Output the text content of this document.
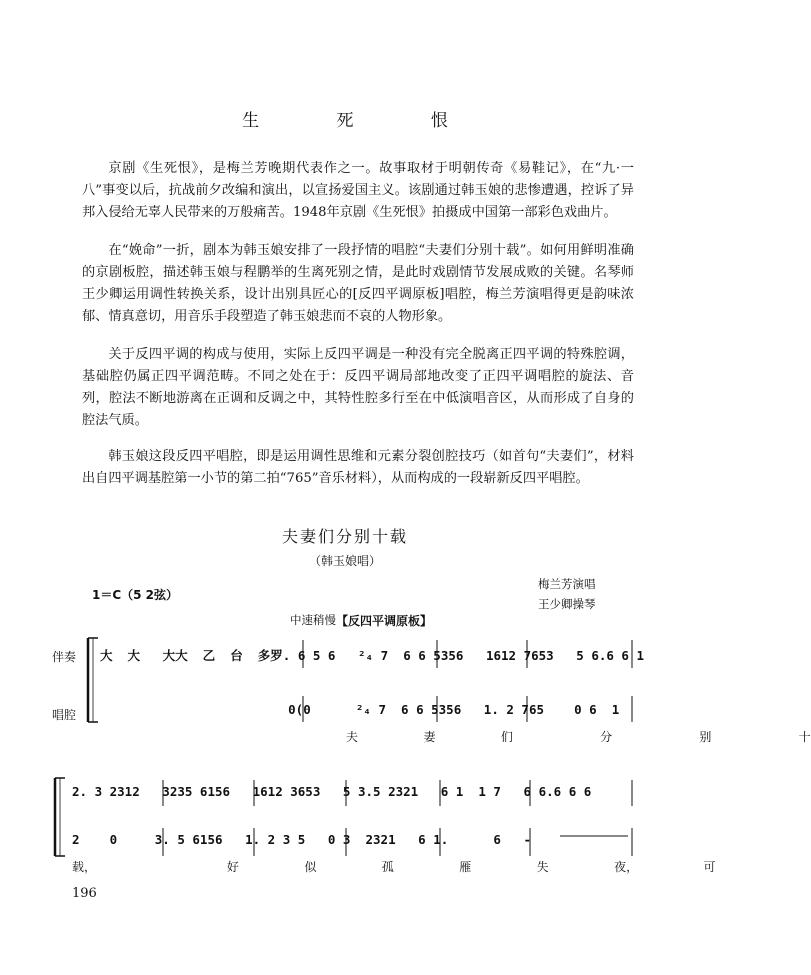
生 死 恨

京剧《生死恨》，是梅兰芳晚期代表作之一。故事取材于明朝传奇《易鞋记》，在“九·一八”事变以后，抗战前夕改编和演出，以宣扬爱国主义。该剧通过韩玉娘的悲惨遭遇，控诉了异邦入侵给无辜人民带来的万般痛苦。1948年京剧《生死恨》拍摄成中国第一部彩色戏曲片。

在“娩命”一折，剧本为韩玉娘安排了一段抒情的唱腔“夫妻们分别十载”。如何用鲜明准确的京剧板腔，描述韩玉娘与程鹏举的生离死别之情，是此时戏剧情节发展成败的关键。名琴师王少卿运用调性转换关系，设计出别具匠心的[反四平调原板]唱腔，梅兰芳演唱得更是韵味浓郁、情真意切，用音乐手段塑造了韩玉娘悲而不哀的人物形象。

关于反四平调的构成与使用，实际上反四平调是一种没有完全脱离正四平调的特殊腔调，基础腔仍属正四平调范畴。不同之处在于：反四平调局部地改变了正四平调唱腔的旋法、音列，腔法不断地游离在正调和反调之中，其特性腔多行至在中低演唱音区，从而形成了自身的腔法气质。

韩玉娘这段反四平唱腔，即是运用调性思维和元素分裂创腔技巧（如首句“夫妻们”，材料出自四平调基腔第一小节的第二拍“765”音乐材料），从而构成的一段崭新反四平唱腔。

夫妻们分别十载
（韩玉娘唱）
1＝C（5 2弦）
梅兰芳演唱
王少卿操琴
中速稍慢 【反四平调原板】
伴奏
唱腔
大  大   大大  乙  台  多罗. 6 5 6   ²₄ 7  6 6 5356   1612 7653   5 6.6 6 1
0(0      ²₄ 7  6 6 5356   1. 2 765    0 6  1
夫   妻   们    分    别    十
2. 3 2312   3235 6156   1612 3653   5 3.5 2321   6 1  1 7   6 6.6 6 6
2    0     3. 5 6156   1. 2 3 5   0 3  2321   6 1.      6   -
载，      好   似   孤   雁   失   夜，   可
196
